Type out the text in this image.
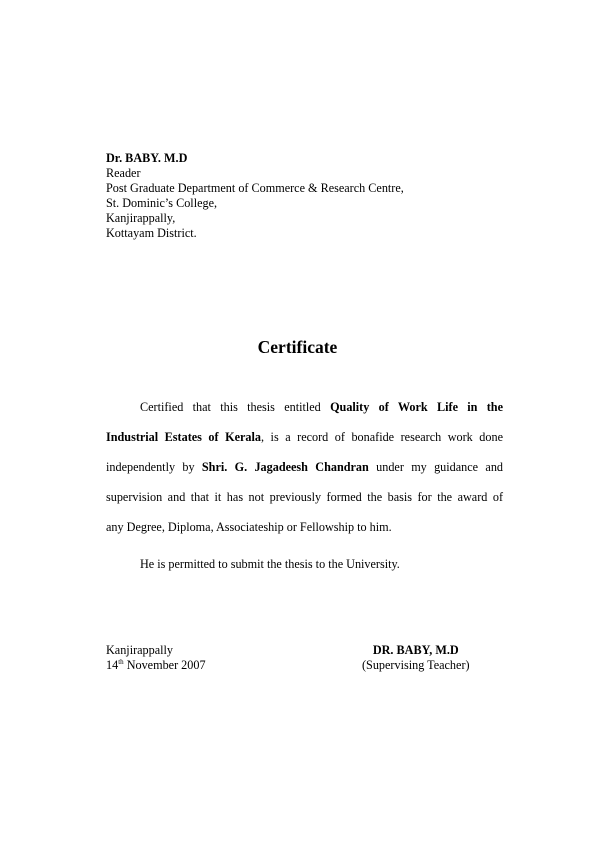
Dr. BABY. M.D
Reader
Post Graduate Department of Commerce & Research Centre,
St. Dominic’s College,
Kanjirappally,
Kottayam District.
Certificate
Certified that this thesis entitled Quality of Work Life in the
Industrial Estates of Kerala, is a record of bonafide research work done
independently by Shri. G. Jagadeesh Chandran under my guidance and
supervision and that it has not previously formed the basis for the award of
any Degree, Diploma, Associateship or Fellowship to him.
He is permitted to submit the thesis to the University.
Kanjirappally
14th November 2007
DR. BABY, M.D
(Supervising Teacher)
